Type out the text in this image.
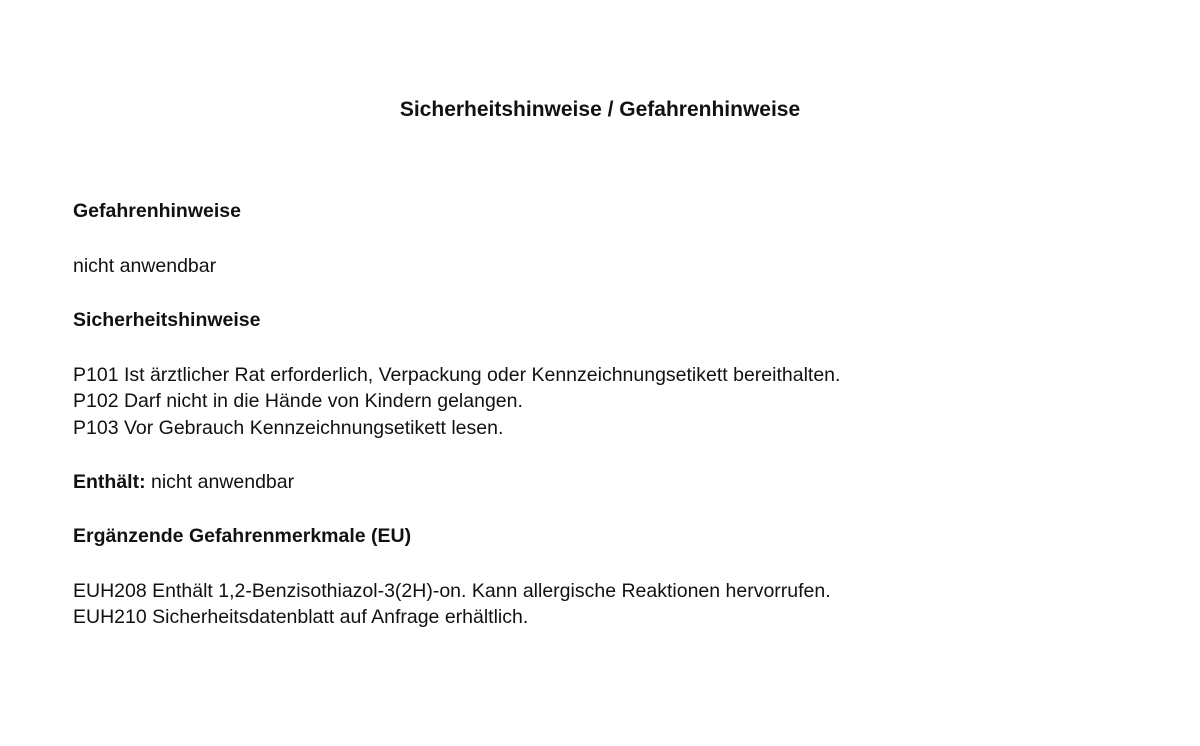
Sicherheitshinweise / Gefahrenhinweise
Gefahrenhinweise
nicht anwendbar
Sicherheitshinweise
P101 Ist ärztlicher Rat erforderlich, Verpackung oder Kennzeichnungsetikett bereithalten.
P102 Darf nicht in die Hände von Kindern gelangen.
P103 Vor Gebrauch Kennzeichnungsetikett lesen.
Enthält: nicht anwendbar
Ergänzende Gefahrenmerkmale (EU)
EUH208 Enthält 1,2-Benzisothiazol-3(2H)-on. Kann allergische Reaktionen hervorrufen.
EUH210 Sicherheitsdatenblatt auf Anfrage erhältlich.
